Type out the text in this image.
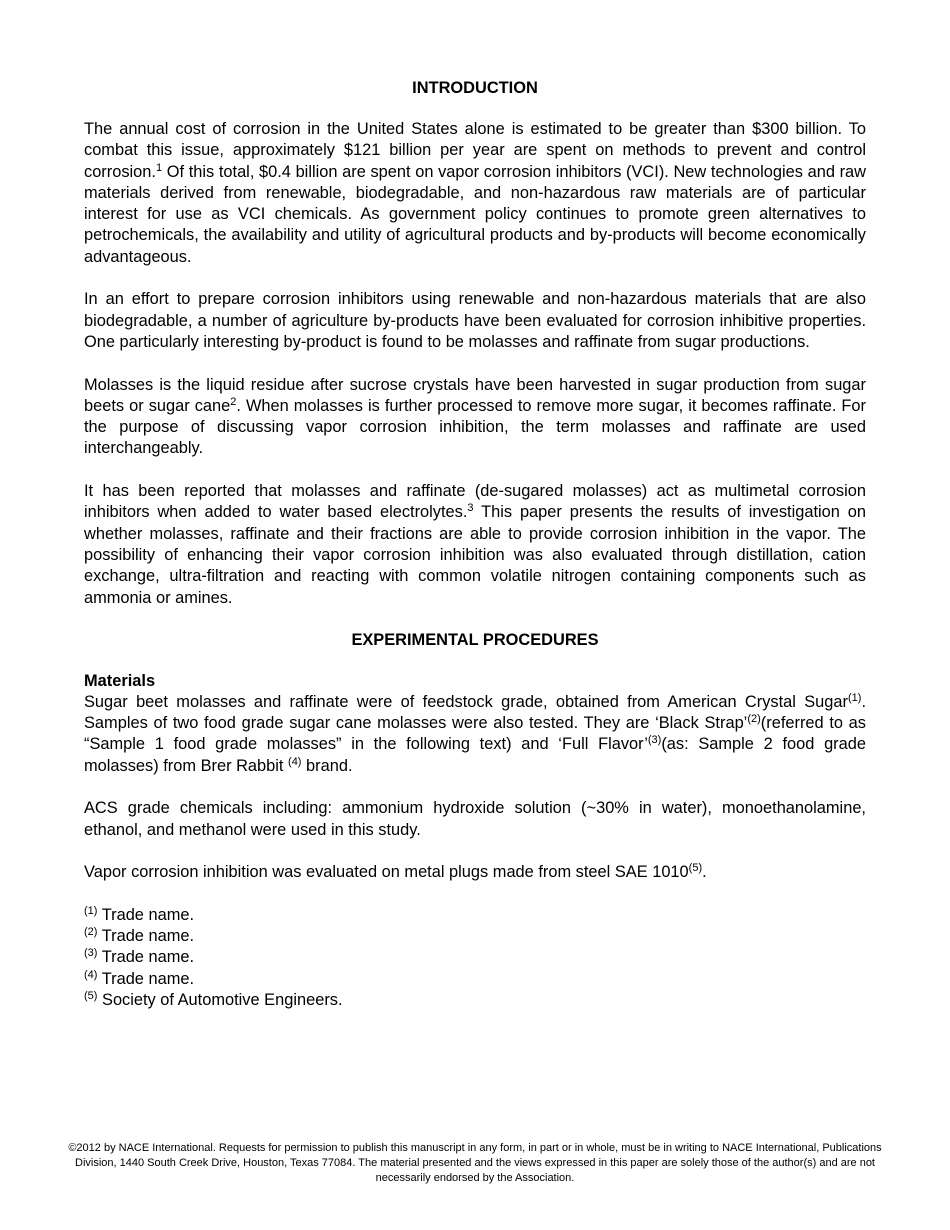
INTRODUCTION

The annual cost of corrosion in the United States alone is estimated to be greater than $300 billion. To combat this issue, approximately $121 billion per year are spent on methods to prevent and control corrosion.$^1$ Of this total, $0.4 billion are spent on vapor corrosion inhibitors (VCI). New technologies and raw materials derived from renewable, biodegradable, and non-hazardous raw materials are of particular interest for use as VCI chemicals. As government policy continues to promote green alternatives to petrochemicals, the availability and utility of agricultural products and by-products will become economically advantageous.

In an effort to prepare corrosion inhibitors using renewable and non-hazardous materials that are also biodegradable, a number of agriculture by-products have been evaluated for corrosion inhibitive properties. One particularly interesting by-product is found to be molasses and raffinate from sugar productions.

Molasses is the liquid residue after sucrose crystals have been harvested in sugar production from sugar beets or sugar cane$^2$. When molasses is further processed to remove more sugar, it becomes raffinate. For the purpose of discussing vapor corrosion inhibition, the term molasses and raffinate are used interchangeably.

It has been reported that molasses and raffinate (de-sugared molasses) act as multimetal corrosion inhibitors when added to water based electrolytes.$^3$ This paper presents the results of investigation on whether molasses, raffinate and their fractions are able to provide corrosion inhibition in the vapor. The possibility of enhancing their vapor corrosion inhibition was also evaluated through distillation, cation exchange, ultra-filtration and reacting with common volatile nitrogen containing components such as ammonia or amines.

EXPERIMENTAL PROCEDURES
Materials

Sugar beet molasses and raffinate were of feedstock grade, obtained from American Crystal Sugar$^{(1)}$. Samples of two food grade sugar cane molasses were also tested. They are ‘Black Strap’$^{(2)}$(referred to as “Sample 1 food grade molasses” in the following text) and ‘Full Flavor’$^{(3)}$(as: Sample 2 food grade molasses) from Brer Rabbit $^{(4)}$ brand.

ACS grade chemicals including: ammonium hydroxide solution (~30% in water), monoethanolamine, ethanol, and methanol were used in this study.

Vapor corrosion inhibition was evaluated on metal plugs made from steel SAE 1010$^{(5)}$.

$^{(1)}$ Trade name.
$^{(2)}$ Trade name.
$^{(3)}$ Trade name.
$^{(4)}$ Trade name.
$^{(5)}$ Society of Automotive Engineers.
©2012 by NACE International. Requests for permission to publish this manuscript in any form, in part or in whole, must be in writing to NACE International, Publications Division, 1440 South Creek Drive, Houston, Texas 77084. The material presented and the views expressed in this paper are solely those of the author(s) and are not necessarily endorsed by the Association.
